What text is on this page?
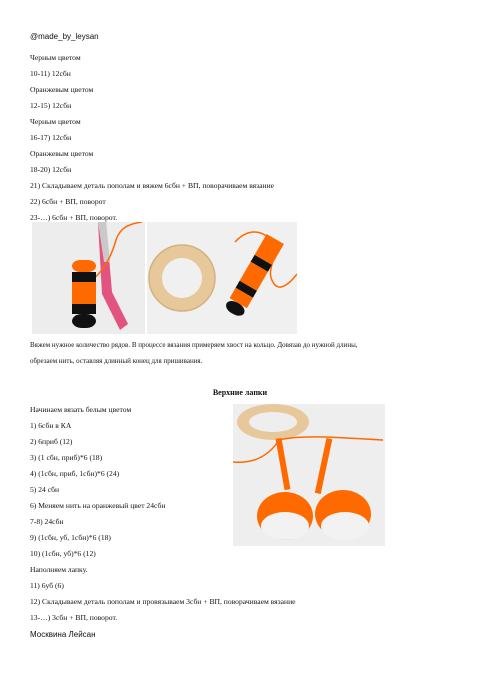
@made_by_leysan
Черным цветом
10-11) 12сбн
Оранжевым цветом
12-15) 12сбн
Черным цветом
16-17) 12сбн
Оранжевым цветом
18-20) 12сбн
21) Складываем деталь пополам и вяжем 6сбн + ВП, поворачиваем вязание
22) 6сбн + ВП, поворот
23-…) 6сбн + ВП, поворот.
Вяжем нужное количество рядов. В процессе вязания примеряем хвост на кольцо. Довязав до нужной длины,
обрезаем нить, оставляя длинный конец для пришивания.
Верхние лапки
Начинаем вязать белым цветом
1) 6сбн в КА
2) 6приб (12)
3) (1 сбн, приб)*6 (18)
4) (1сбн, приб, 1сбн)*6 (24)
5) 24 сбн
6) Меняем нить на оранжевый цвет 24сбн
7-8) 24сбн
9) (1сбн, уб, 1сбн)*6 (18)
10) (1сбн, уб)*6 (12)
Наполняем лапку.
11) 6уб (6)
12) Складываем деталь пополам и провязываем 3сбн + ВП, поворачиваем вязание
13-…) 3сбн + ВП, поворот.
Москвина Лейсан
